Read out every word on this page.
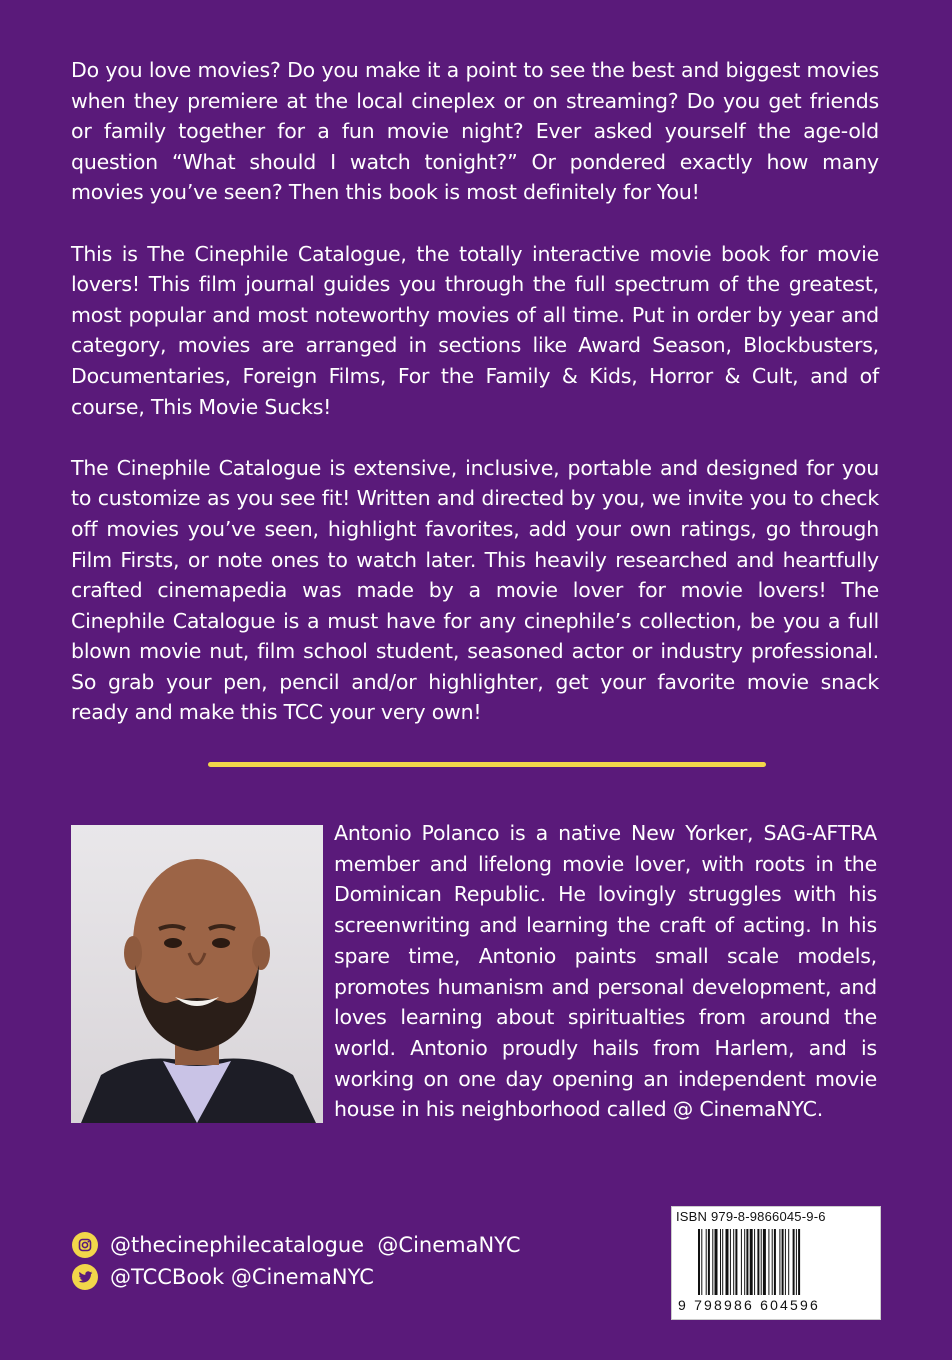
Do you love movies? Do you make it a point to see the best and biggest movies when they premiere at the local cineplex or on streaming? Do you get friends or family together for a fun movie night? Ever asked yourself the age-old question “What should I watch tonight?” Or pondered exactly how many movies you’ve seen? Then this book is most definitely for You!

This is The Cinephile Catalogue, the totally interactive movie book for movie lovers! This film journal guides you through the full spectrum of the greatest, most popular and most noteworthy movies of all time. Put in order by year and category, movies are arranged in sections like Award Season, Blockbusters, Documentaries, Foreign Films, For the Family & Kids, Horror & Cult, and of course, This Movie Sucks!

The Cinephile Catalogue is extensive, inclusive, portable and designed for you to customize as you see fit! Written and directed by you, we invite you to check off movies you’ve seen, highlight favorites, add your own ratings, go through Film Firsts, or note ones to watch later. This heavily researched and heartfully crafted cinemapedia was made by a movie lover for movie lovers! The Cinephile Catalogue is a must have for any cinephile’s collection, be you a full blown movie nut, film school student, seasoned actor or industry professional. So grab your pen, pencil and/or highlighter, get your favorite movie snack ready and make this TCC your very own!

Antonio Polanco is a native New Yorker, SAG-AFTRA member and lifelong movie lover, with roots in the Dominican Republic. He lovingly struggles with his screenwriting and learning the craft of acting. In his spare time, Antonio paints small scale models, promotes humanism and personal development, and loves learning about spiritualties from around the world. Antonio proudly hails from Harlem, and is working on one day opening an independent movie house in his neighborhood called @ CinemaNYC.

@thecinephilecatalogue  @CinemaNYC
@TCCBook @CinemaNYC
ISBN 979-8-9866045-9-6
9 798986 604596
